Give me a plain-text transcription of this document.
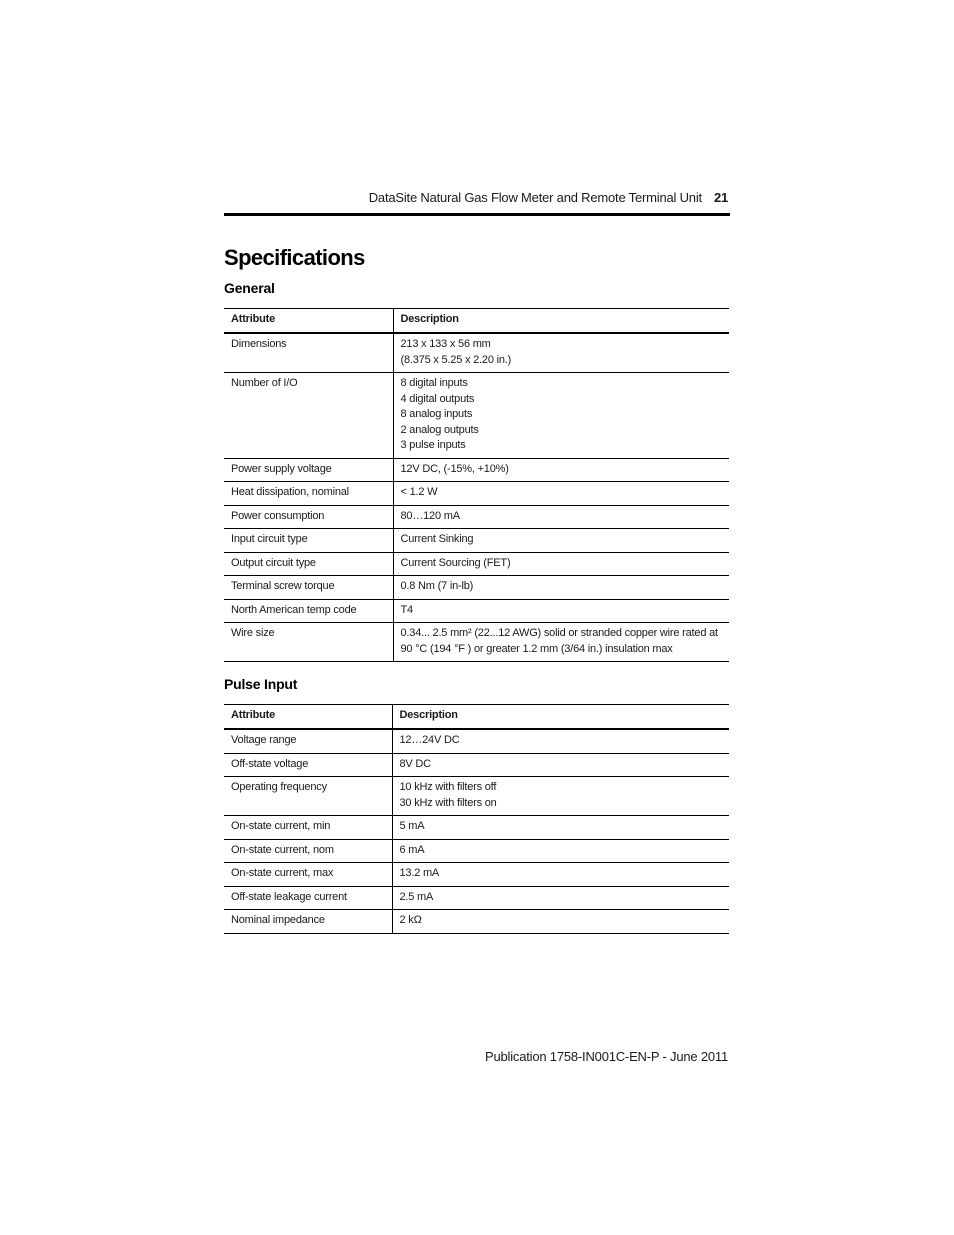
DataSite Natural Gas Flow Meter and Remote Terminal Unit 21
Specifications
General
Attribute	Description
Dimensions	213 x 133 x 56 mm
(8.375 x 5.25 x 2.20 in.)

Number of I/O	8 digital inputs
4 digital outputs
8 analog inputs
2 analog outputs
3 pulse inputs

Power supply voltage	12V DC, (-15%, +10%)

Heat dissipation, nominal	< 1.2 W

Power consumption	80…120 mA

Input circuit type	Current Sinking

Output circuit type	Current Sourcing (FET)

Terminal screw torque	0.8 Nm (7 in-lb)

North American temp code	T4

Wire size	0.34... 2.5 mm² (22...12 AWG) solid or stranded copper wire rated at
90 °C (194 °F ) or greater 1.2 mm (3/64 in.) insulation max
Pulse Input
Attribute	Description
Voltage range	12…24V DC

Off-state voltage	8V DC

Operating frequency	10 kHz with filters off
30 kHz with filters on

On-state current, min	5 mA

On-state current, nom	6 mA

On-state current, max	13.2 mA

Off-state leakage current	2.5 mA

Nominal impedance	2 kΩ
Publication 1758-IN001C-EN-P - June 2011
